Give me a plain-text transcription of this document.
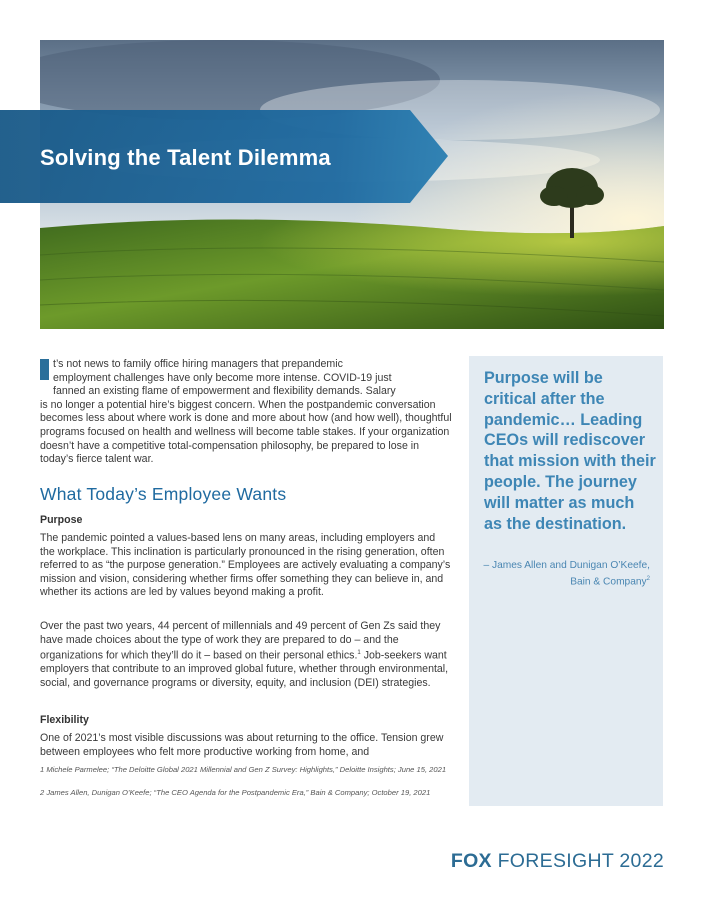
Solving the Talent Dilemma
t’s not news to family office hiring managers that prepandemic
employment challenges have only become more intense. COVID-19 just
fanned an existing flame of empowerment and flexibility demands. Salary
is no longer a potential hire’s biggest concern. When the postpandemic conversation becomes less about where work is done and more about how (and how well), thoughtful programs focused on health and wellness will become table stakes. If your organization doesn’t have a competitive total-compensation philosophy, be prepared to lose in today’s fierce talent war.
What Today’s Employee Wants
Purpose
The pandemic pointed a values-based lens on many areas, including employers and the workplace. This inclination is particularly pronounced in the rising generation, often referred to as “the purpose generation.” Employees are actively evaluating a company’s mission and vision, considering whether firms offer something they can believe in, and whether its actions are led by values beyond making a profit.
Over the past two years, 44 percent of millennials and 49 percent of Gen Zs said they have made choices about the type of work they are prepared to do – and the organizations for which they’ll do it – based on their personal ethics.$^1$ Job-seekers want employers that contribute to an improved global future, whether through environmental, social, and governance programs or diversity, equity, and inclusion (DEI) strategies.
Flexibility
One of 2021’s most visible discussions was about returning to the office. Tension grew between employees who felt more productive working from home, and
1 Michele Parmelee; “The Deloitte Global 2021 Millennial and Gen Z Survey: Highlights,” Deloitte Insights; June 15, 2021
2 James Allen, Dunigan O’Keefe; “The CEO Agenda for the Postpandemic Era,” Bain & Company; October 19, 2021
Purpose will be critical after the pandemic… Leading CEOs will rediscover that mission with their people. The journey will matter as much as the destination.
– James Allen and Dunigan O’Keefe, Bain & Company$^2$
FOX FORESIGHT 2022
